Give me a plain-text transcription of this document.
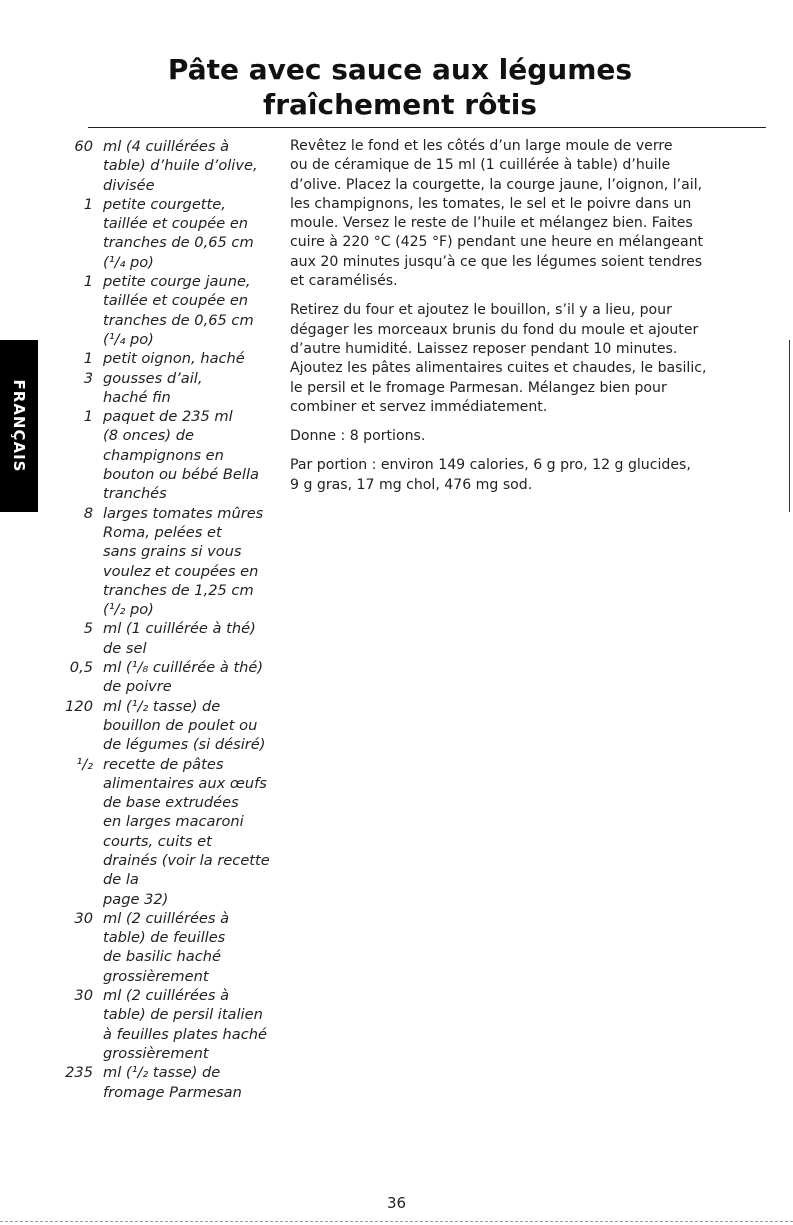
Pâte avec sauce aux légumes
fraîchement rôtis
FRANÇAIS
60 ml (4 cuillérées à
table) d’huile d’olive,
divisée
1 petite courgette,
taillée et coupée en
tranches de 0,65 cm
(¹/₄ po)
1 petite courge jaune,
taillée et coupée en
tranches de 0,65 cm
(¹/₄ po)
1 petit oignon, haché
3 gousses d’ail,
haché fin
1 paquet de 235 ml
(8 onces) de
champignons en
bouton ou bébé Bella
tranchés
8 larges tomates mûres
Roma, pelées et
sans grains si vous
voulez et coupées en
tranches de 1,25 cm
(¹/₂ po)
5 ml (1 cuillérée à thé)
de sel
0,5 ml (¹/₈ cuillérée à thé)
de poivre
120 ml (¹/₂ tasse) de
bouillon de poulet ou
de légumes (si désiré)
¹/₂ recette de pâtes
alimentaires aux œufs
de base extrudées
en larges macaroni
courts, cuits et
drainés (voir la recette
de la
page 32)
30 ml (2 cuillérées à
table) de feuilles
de basilic haché
grossièrement
30 ml (2 cuillérées à
table) de persil italien
à feuilles plates haché
grossièrement
235 ml (¹/₂ tasse) de
fromage Parmesan

Revêtez le fond et les côtés d’un large moule de verre
ou de céramique de 15 ml (1 cuillérée à table) d’huile
d’olive. Placez la courgette, la courge jaune, l’oignon, l’ail,
les champignons, les tomates, le sel et le poivre dans un
moule. Versez le reste de l’huile et mélangez bien. Faites
cuire à 220 °C (425 °F) pendant une heure en mélangeant
aux 20 minutes jusqu’à ce que les légumes soient tendres
et caramélisés.

Retirez du four et ajoutez le bouillon, s’il y a lieu, pour
dégager les morceaux brunis du fond du moule et ajouter
d’autre humidité. Laissez reposer pendant 10 minutes.
Ajoutez les pâtes alimentaires cuites et chaudes, le basilic,
le persil et le fromage Parmesan. Mélangez bien pour
combiner et servez immédiatement.

Donne : 8 portions.

Par portion : environ 149 calories, 6 g pro, 12 g glucides,
9 g gras, 17 mg chol, 476 mg sod.

36
